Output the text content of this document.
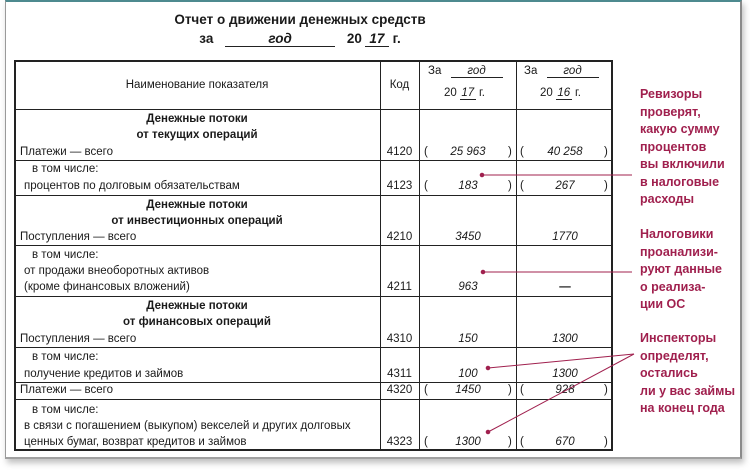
Отчет о движении денежных средств
за	год	20 17 г.
Наименование показателя	Код
За год
20 17 г.
За год
20 16 г.
Денежные потоки
от текущих операций
Платежи — всего	4120	(	25 963	) (	40 258	)
в том числе:
процентов по долговым обязательствам	4123	(	183	) (	267	)
Денежные потоки
от инвестиционных операций
Поступления — всего	4210	3450	1770
в том числе:
от продажи внеоборотных активов
(кроме финансовых вложений)	4211	963	—
Денежные потоки
от финансовых операций
Поступления — всего	4310	150	1300
в том числе:
получение кредитов и займов	4311	100	1300
Платежи — всего	4320	(	1450	) (	928	)
в том числе:
в связи с погашением (выкупом) векселей и других долговых
ценных бумаг, возврат кредитов и займов	4323	(	1300	) (	670	)
Ревизоры
проверят,
какую сумму
процентов
вы включили
в налоговые
расходы
Налоговики
проанализи-
руют данные
о реализа-
ции ОС
Инспекторы
определят,
остались
ли у вас займы
на конец года
